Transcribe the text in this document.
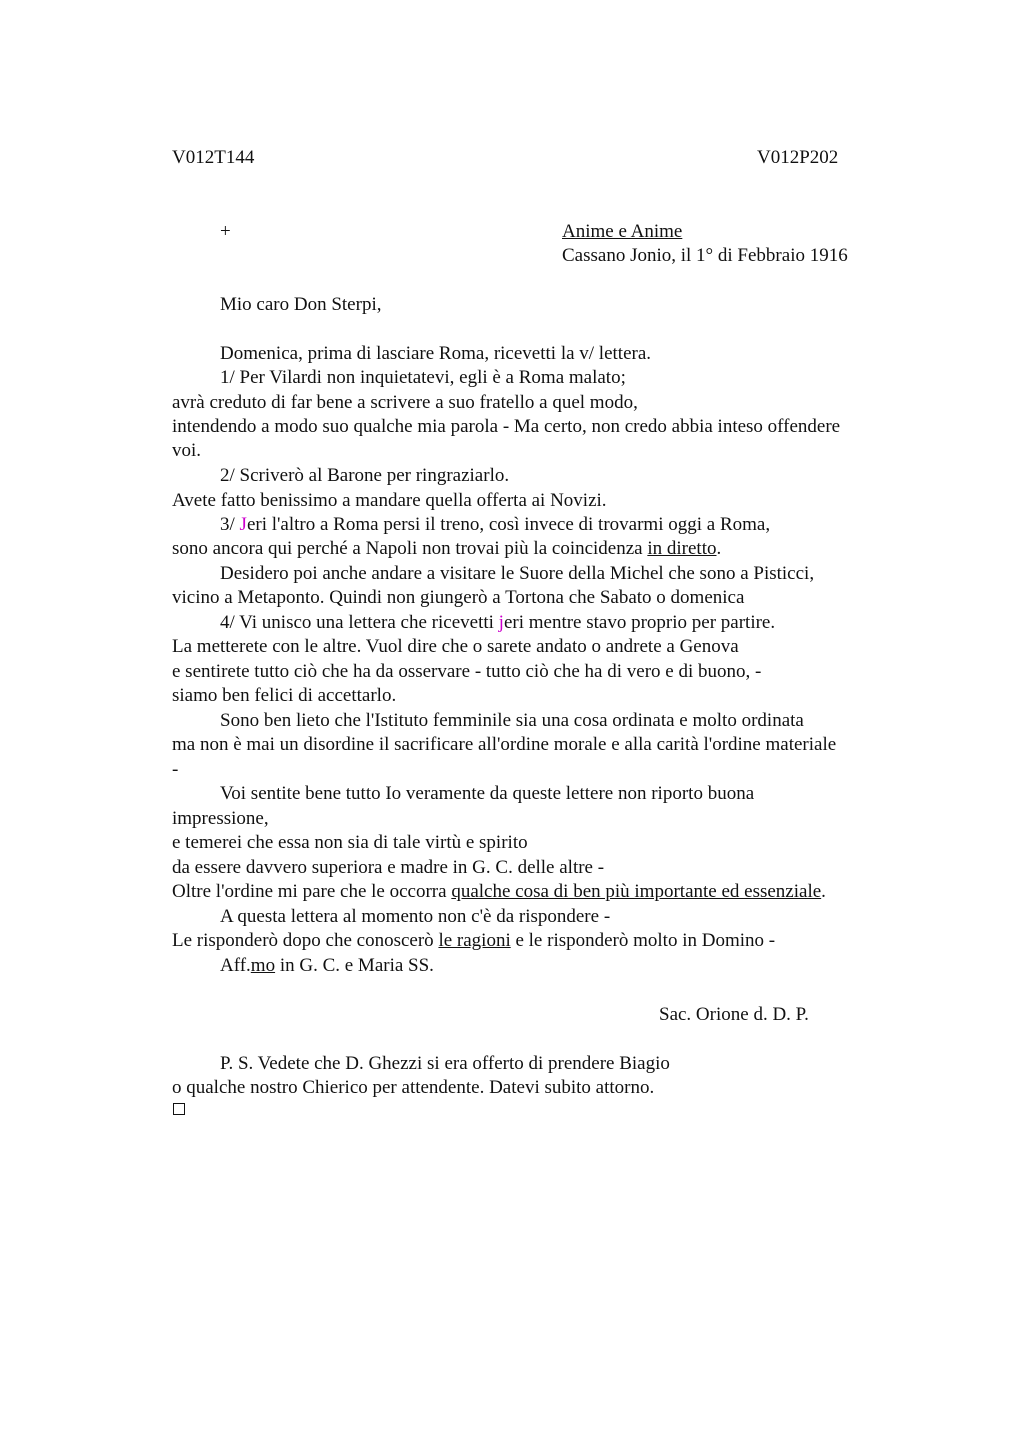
V012T144	V012P202
+	Anime e Anime
Cassano Jonio, il 1° di Febbraio 1916
Mio caro Don Sterpi,
Domenica, prima di lasciare Roma, ricevetti la v/ lettera.
1/ Per Vilardi non inquietatevi, egli è a Roma malato;
avrà creduto di far bene a scrivere a suo fratello a quel modo,
intendendo a modo suo qualche mia parola - Ma certo, non credo abbia inteso offendere
voi.
2/ Scriverò al Barone per ringraziarlo.
Avete fatto benissimo a mandare quella offerta ai Novizi.
3/ Jeri l'altro a Roma persi il treno, così invece di trovarmi oggi a Roma,
sono ancora qui perché a Napoli non trovai più la coincidenza in diretto.
Desidero poi anche andare a visitare le Suore della Michel che sono a Pisticci,
vicino a Metaponto. Quindi non giungerò a Tortona che Sabato o domenica
4/ Vi unisco una lettera che ricevetti jeri mentre stavo proprio per partire.
La metterete con le altre. Vuol dire che o sarete andato o andrete a Genova
e sentirete tutto ciò che ha da osservare - tutto ciò che ha di vero e di buono, -
siamo ben felici di accettarlo.
Sono ben lieto che l'Istituto femminile sia una cosa ordinata e molto ordinata
ma non è mai un disordine il sacrificare all'ordine morale e alla carità l'ordine materiale
-
Voi sentite bene tutto Io veramente da queste lettere non riporto buona
impressione,
e temerei che essa non sia di tale virtù e spirito
da essere davvero superiora e madre in G. C. delle altre -
Oltre l'ordine mi pare che le occorra qualche cosa di ben più importante ed essenziale.
A questa lettera al momento non c'è da rispondere -
Le risponderò dopo che conoscerò le ragioni e le risponderò molto in Domino -
Aff.mo in G. C. e Maria SS.
Sac. Orione d. D. P.
P. S. Vedete che D. Ghezzi si era offerto di prendere Biagio
o qualche nostro Chierico per attendente. Datevi subito attorno.
